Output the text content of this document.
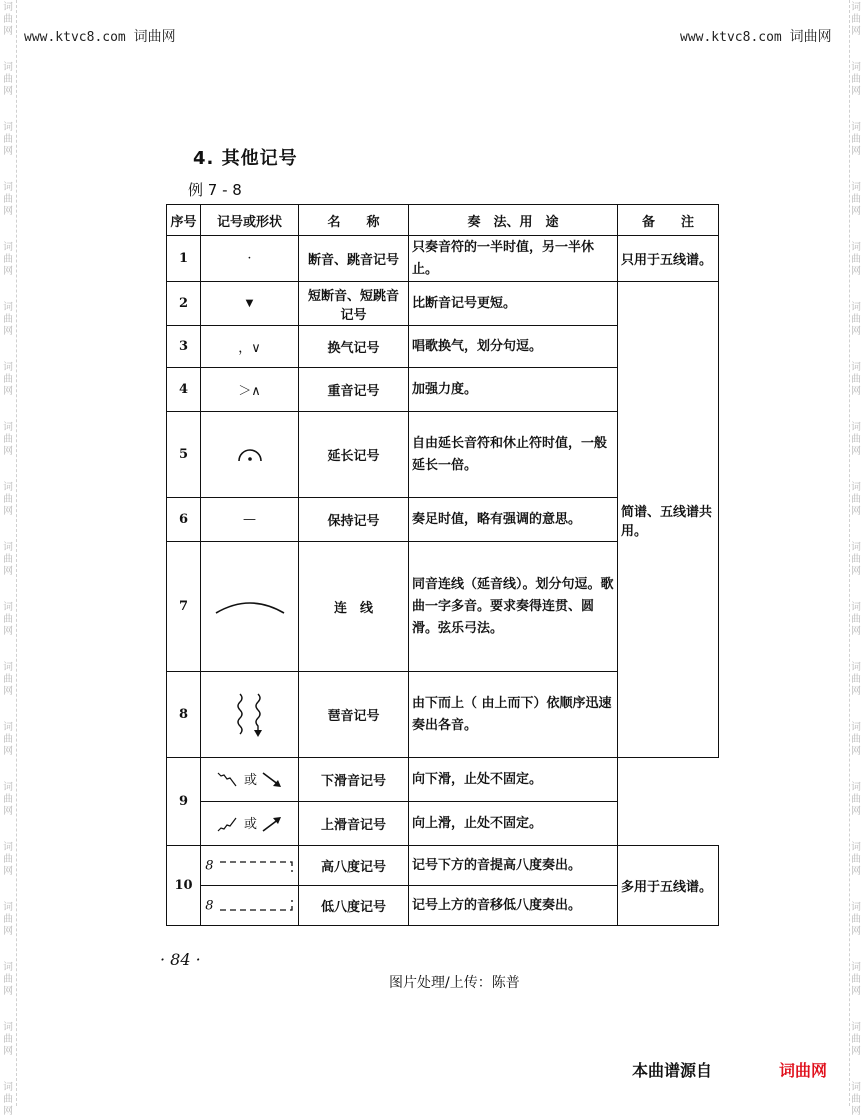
词
曲
网
词
曲
网
词
曲
网
词
曲
网
词
曲
网
词
曲
网
词
曲
网
词
曲
网
词
曲
网
词
曲
网
词
曲
网
词
曲
网
词
曲
网
词
曲
网
词
曲
网
词
曲
网
词
曲
网
词
曲
网
词
曲
网
词
曲
网
词
曲
网
词
曲
网
词
曲
网
词
曲
网
词
曲
网
词
曲
网
词
曲
网
词
曲
网
词
曲
网
词
曲
网
词
曲
网
词
曲
网
词
曲
网
词
曲
网
词
曲
网
词
曲
网
词
曲
网
词
曲
网
www.ktvc8.com 词曲网	www.ktvc8.com 词曲网
4. 其他记号
例 7 - 8
序号	记号或形状	名　　称	奏　法、用　途	备　　注
1	·	断音、跳音记号	只奏音符的一半时值，另一半休止。	只用于五线谱。
2	▼	短断音、短跳音记号	比断音记号更短。	简谱、五线谱共用。
3	，∨	换气记号	唱歌换气，划分句逗。	
4	＞∧	重音记号	加强力度。	
5		延长记号	自由延长音符和休止符时值，一般延长一倍。	
6	—	保持记号	奏足时值，略有强调的意思。	
7		连　线	同音连线（延音线）。划分句逗。歌曲一字多音。要求奏得连贯、圆滑。弦乐弓法。	
8		琶音记号	由下而上（ 由上而下）依顺序迅速奏出各音。	
9	或	下滑音记号	向下滑，止处不固定。	
	或	上滑音记号	向上滑，止处不固定。	
10	8	高八度记号	记号下方的音提高八度奏出。	多用于五线谱。
	8	低八度记号	记号上方的音移低八度奏出。	
· 84 ·
图片处理/上传：陈普
本曲谱源自	词曲网
